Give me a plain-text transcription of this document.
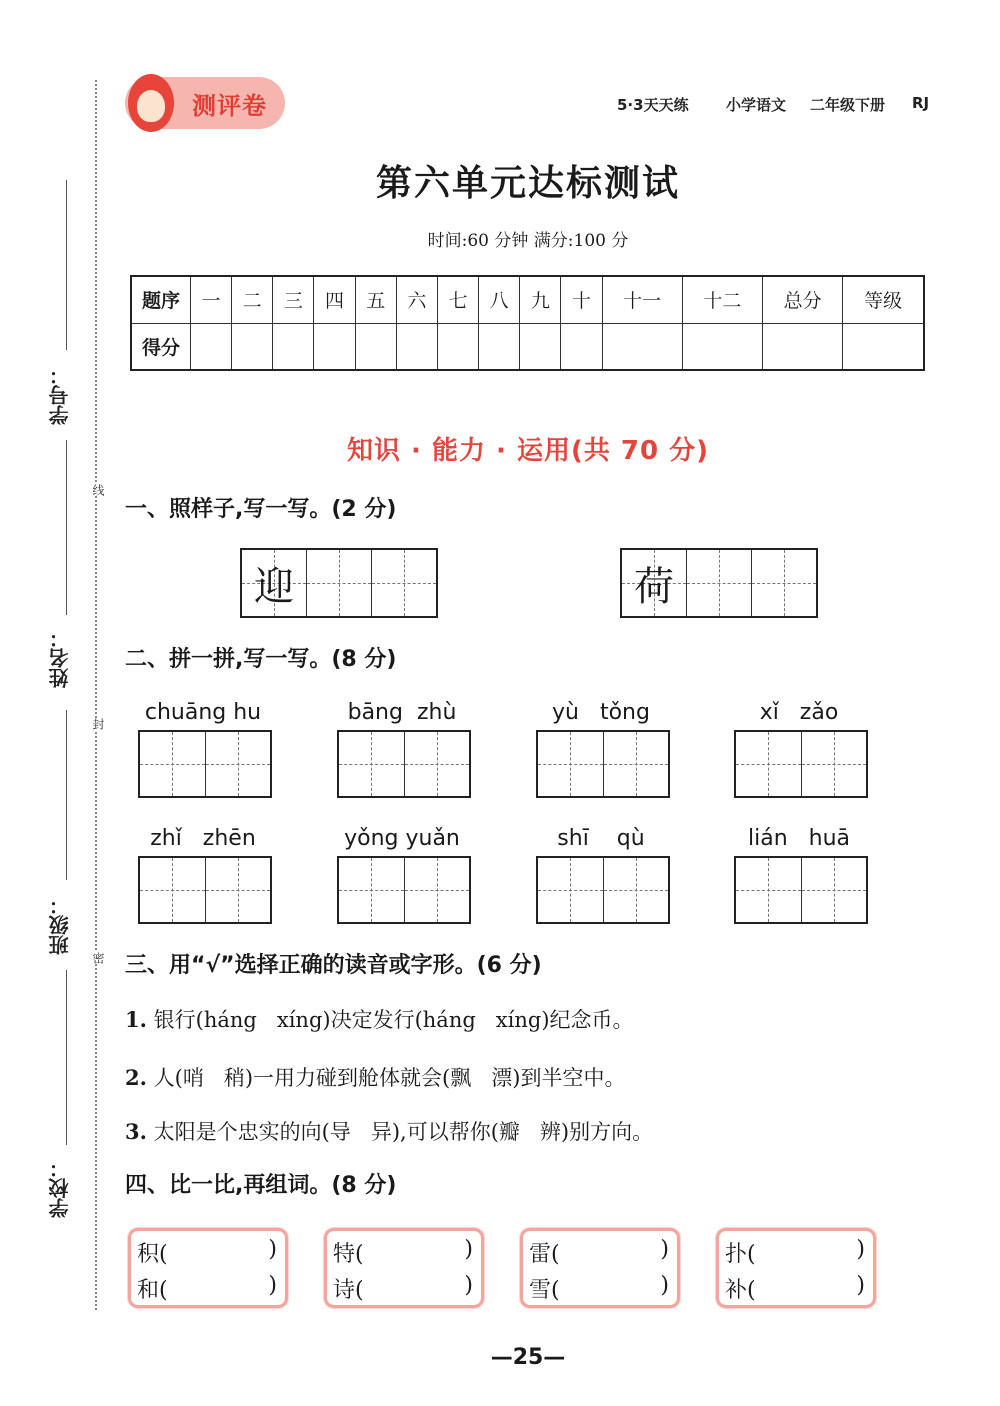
学号：
姓名：
班级：
学校：
线
封
密
测评卷	5·3天天练 小学语文 二年级下册 RJ
第六单元达标测试
时间:60 分钟 满分:100 分
题序	一	二	三	四	五	六	七	八	九	十	十一	十二	总分	等级
得分														
知识 · 能力 · 运用(共 70 分)
一、照样子,写一写。(2 分)
迎	荷
二、拼一拼,写一写。(8 分)
chuāng hu	bāng  zhù	yù   tǒng	xǐ   zǎo
zhǐ   zhēn	yǒng yuǎn	shī    qù	lián   huā
三、用“√”选择正确的读音或字形。(6 分)
1. 银行(háng   xíng)决定发行(háng   xíng)纪念币。
2. 人(哨   稍)一用力碰到舱体就会(飘   漂)到半空中。
3. 太阳是个忠实的向(导   异),可以帮你(瓣   辨)别方向。
四、比一比,再组词。(8 分)
积(	)
和(	)
特(	)
诗(	)
雷(	)
雪(	)
扑(	)
补(	)
—25—
